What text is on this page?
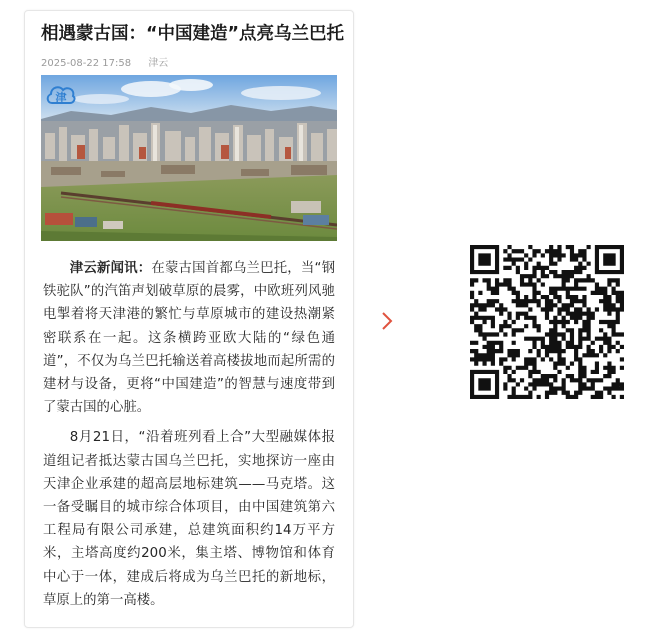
相遇蒙古国：“中国建造”点亮乌兰巴托
2025-08-22 17:58 津云
津

津云新闻讯：在蒙古国首都乌兰巴托，当“钢铁驼队”的汽笛声划破草原的晨雾，中欧班列风驰电掣着将天津港的繁忙与草原城市的建设热潮紧密联系在一起。这条横跨亚欧大陆的“绿色通道”，不仅为乌兰巴托输送着高楼拔地而起所需的建材与设备，更将“中国建造”的智慧与速度带到了蒙古国的心脏。

8月21日，“沿着班列看上合”大型融媒体报道组记者抵达蒙古国乌兰巴托，实地探访一座由天津企业承建的超高层地标建筑——马克塔。这一备受瞩目的城市综合体项目，由中国建筑第六工程局有限公司承建，总建筑面积约14万平方米，主塔高度约200米，集主塔、博物馆和体育中心于一体，建成后将成为乌兰巴托的新地标，草原上的第一高楼。
